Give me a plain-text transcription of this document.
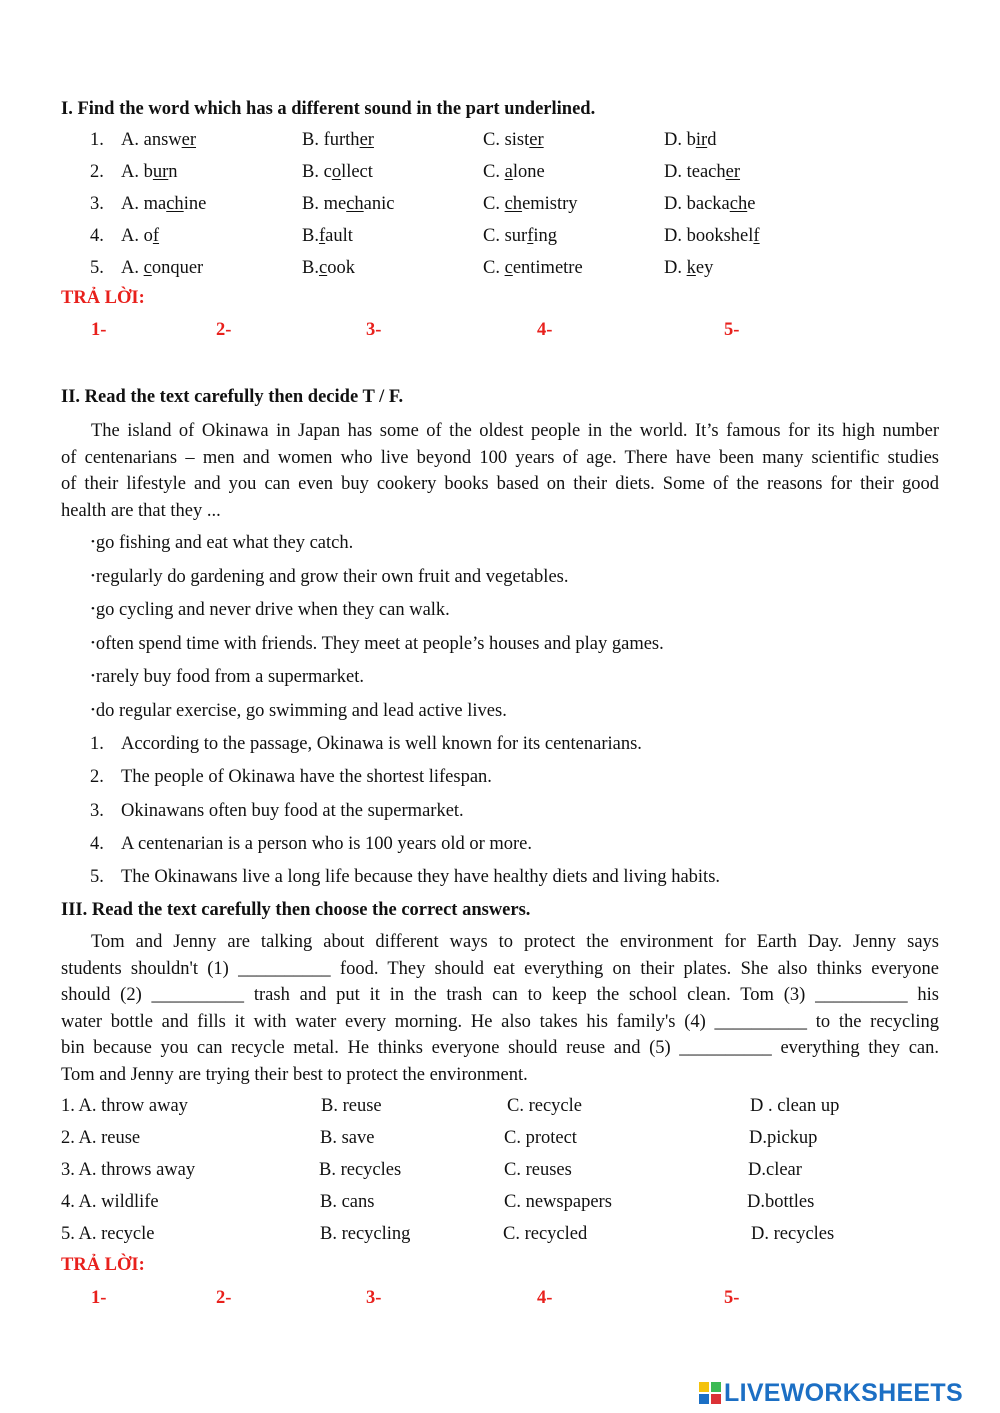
I. Find the word which has a different sound in the part underlined.
1. A. answer	B. further	C. sister	D. bird
2. A. burn	B. collect	C. alone	D. teacher
3. A. machine	B. mechanic	C. chemistry	D. backache
4. A. of	B.fault	C. surfing	D. bookshelf
5. A. conquer	B.cook	C. centimetre	D. key
TRẢ LỜI:
1-	2-	3-	4-	5-
II. Read the text carefully then decide T / F.
The island of Okinawa in Japan has some of the oldest people in the world. It’s famous for its high number
of centenarians – men and women who live beyond 100 years of age. There have been many scientific studies
of their lifestyle and you can even buy cookery books based on their diets. Some of the reasons for their good
health are that they ...
•go fishing and eat what they catch.
•regularly do gardening and grow their own fruit and vegetables.
•go cycling and never drive when they can walk.
•often spend time with friends. They meet at people’s houses and play games.
•rarely buy food from a supermarket.
•do regular exercise, go swimming and lead active lives.
1. According to the passage, Okinawa is well known for its centenarians.
2. The people of Okinawa have the shortest lifespan.
3. Okinawans often buy food at the supermarket.
4. A centenarian is a person who is 100 years old or more.
5. The Okinawans live a long life because they have healthy diets and living habits.
III. Read the text carefully then choose the correct answers.
Tom and Jenny are talking about different ways to protect the environment for Earth Day. Jenny says
students shouldn't (1) __________ food. They should eat everything on their plates. She also thinks everyone
should (2) __________ trash and put it in the trash can to keep the school clean. Tom (3) __________ his
water bottle and fills it with water every morning. He also takes his family's (4) __________ to the recycling
bin because you can recycle metal. He thinks everyone should reuse and (5) __________ everything they can.
Tom and Jenny are trying their best to protect the environment.
1. A. throw away	B. reuse	C. recycle	D . clean up
2. A. reuse	B. save	C. protect	D.pickup
3. A. throws away	B. recycles	C. reuses	D.clear
4. A. wildlife	B. cans	C. newspapers	D.bottles
5. A. recycle	B. recycling	C. recycled	D. recycles
TRẢ LỜI:
1-	2-	3-	4-	5-
LIVEWORKSHEETS
